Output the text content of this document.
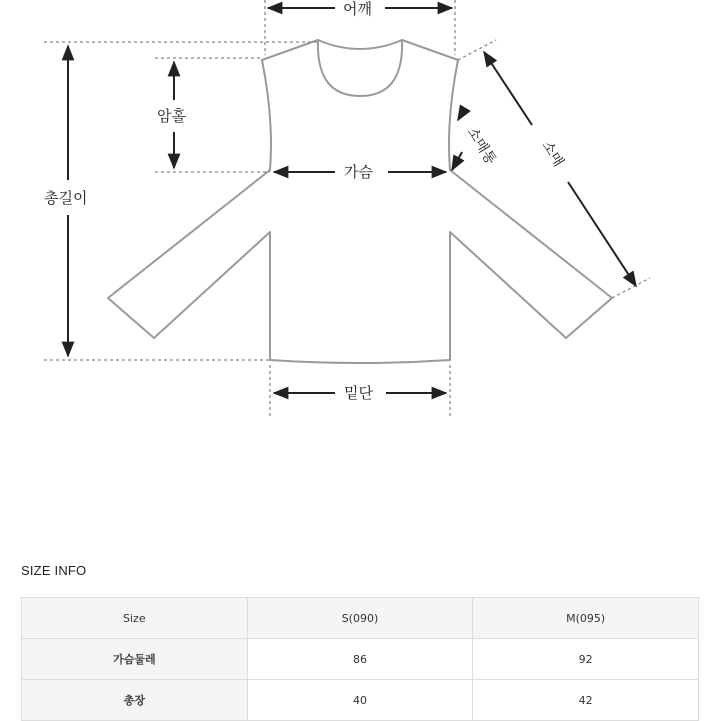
어깨
암홀
총길이
가슴
밑단
소매통	소매
SIZE INFO
Size	S(090)	M(095)
가슴둘레	86	92
총장	40	42
